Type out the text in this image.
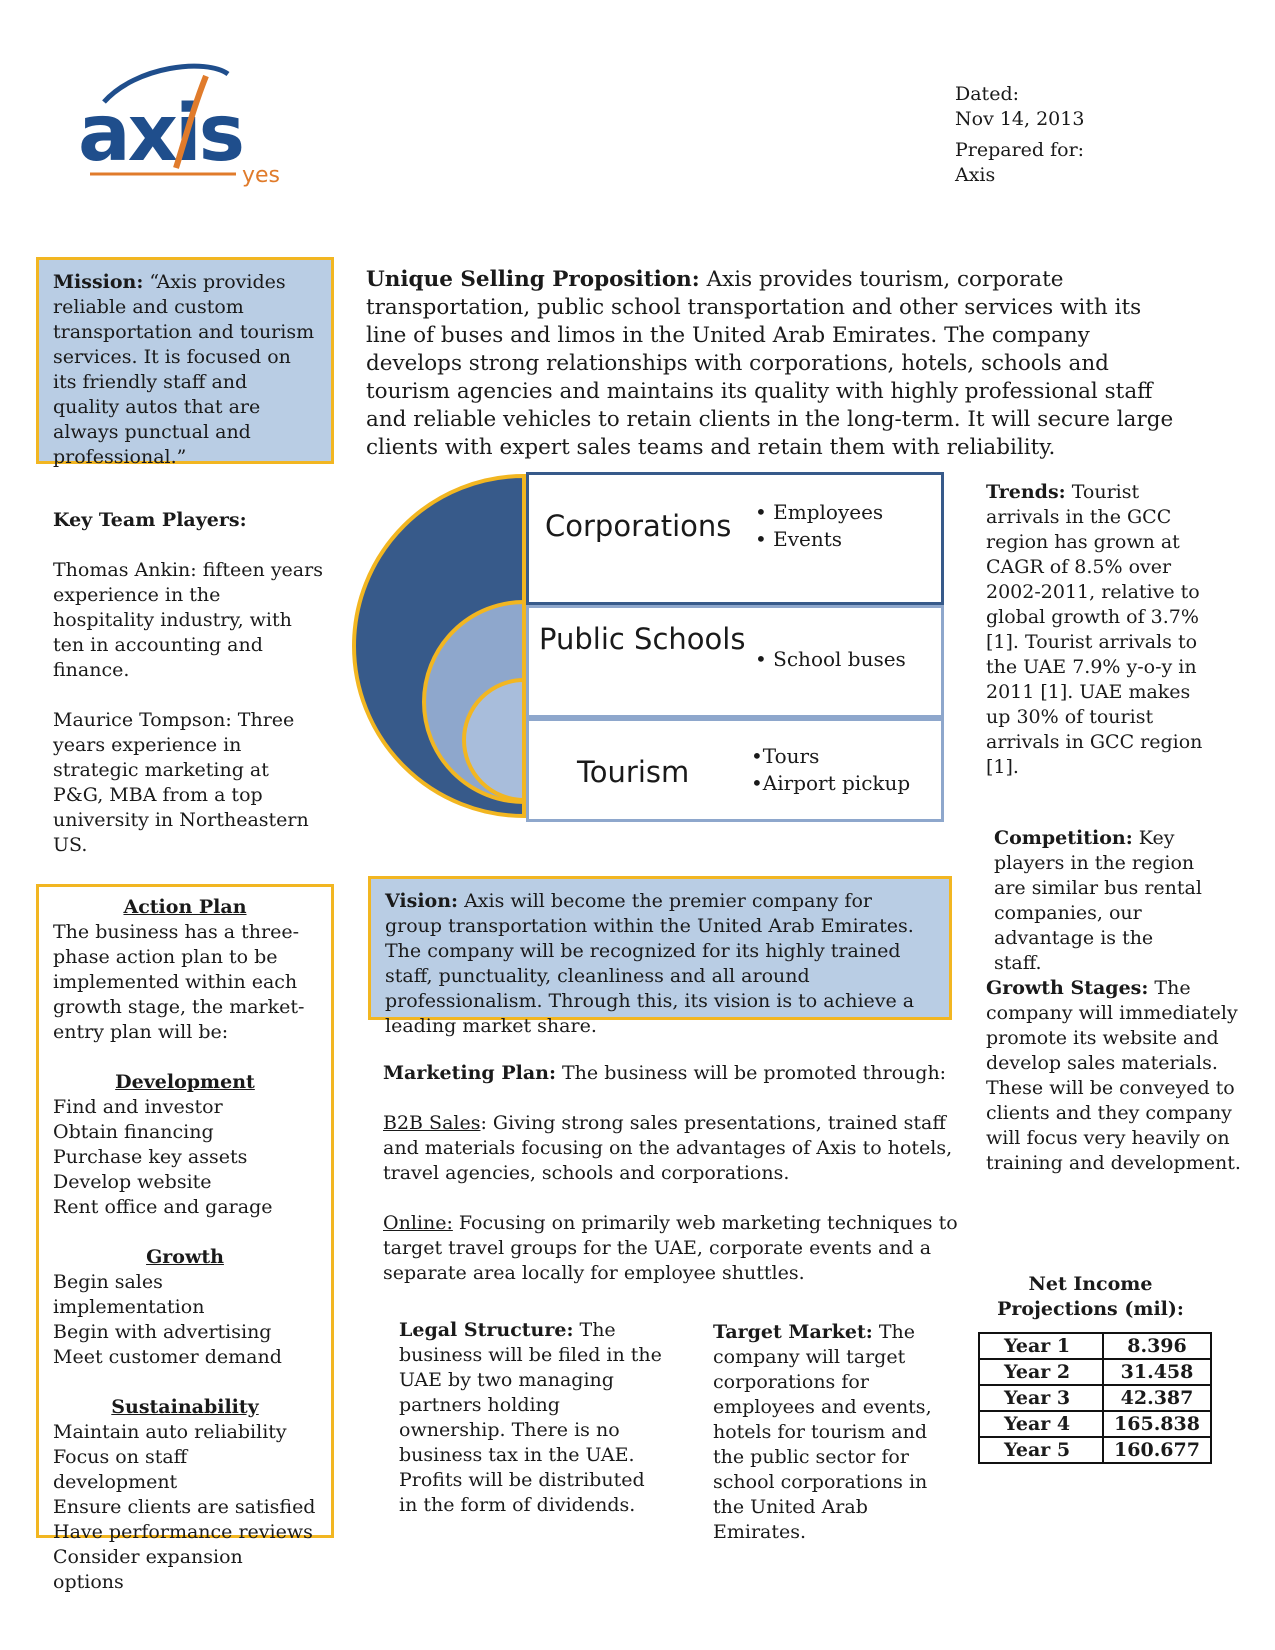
axis yes
Dated:
Nov 14, 2013
Prepared for:
Axis
Mission: “Axis provides reliable and custom transportation and tourism services. It is focused on its friendly staff and quality autos that are always punctual and professional.”
Unique Selling Proposition: Axis provides tourism, corporate transportation, public school transportation and other services with its line of buses and limos in the United Arab Emirates. The company develops strong relationships with corporations, hotels, schools and tourism agencies and maintains its quality with highly professional staff and reliable vehicles to retain clients in the long-term. It will secure large clients with expert sales teams and retain them with reliability.
Key Team Players:
Thomas Ankin: fifteen years experience in the hospitality industry, with ten in accounting and finance.
Maurice Tompson: Three years experience in strategic marketing at P&G, MBA from a top university in Northeastern US.
Corporations • Employees
• Events
Public Schools
• School buses
Tourism	•Tours
•Airport pickup
Trends: Tourist arrivals in the GCC region has grown at CAGR of 8.5% over 2002-2011, relative to global growth of 3.7% [1]. Tourist arrivals to the UAE 7.9% y-o-y in 2011 [1]. UAE makes up 30% of tourist arrivals in GCC region [1].
Competition: Key players in the region are similar bus rental companies, our advantage is the staff.
Growth Stages: The company will immediately promote its website and develop sales materials. These will be conveyed to clients and they company will focus very heavily on training and development.
Action Plan
The business has a three-phase action plan to be implemented within each growth stage, the market-entry plan will be:
Development
Find and investor
Obtain financing
Purchase key assets
Develop website
Rent office and garage
Growth
Begin sales implementation
Begin with advertising
Meet customer demand
Sustainability
Maintain auto reliability
Focus on staff development
Ensure clients are satisfied
Have performance reviews
Consider expansion options
Vision: Axis will become the premier company for group transportation within the United Arab Emirates. The company will be recognized for its highly trained staff, punctuality, cleanliness and all around professionalism. Through this, its vision is to achieve a leading market share.
Marketing Plan: The business will be promoted through:
B2B Sales: Giving strong sales presentations, trained staff and materials focusing on the advantages of Axis to hotels, travel agencies, schools and corporations.
Online: Focusing on primarily web marketing techniques to target travel groups for the UAE, corporate events and a separate area locally for employee shuttles.
Legal Structure: The business will be filed in the UAE by two managing partners holding ownership. There is no business tax in the UAE. Profits will be distributed in the form of dividends.
Target Market: The company will target corporations for employees and events, hotels for tourism and the public sector for school corporations in the United Arab Emirates.
Net Income
Projections (mil):
Year 1	8.396
Year 2	31.458
Year 3	42.387
Year 4	165.838
Year 5	160.677
